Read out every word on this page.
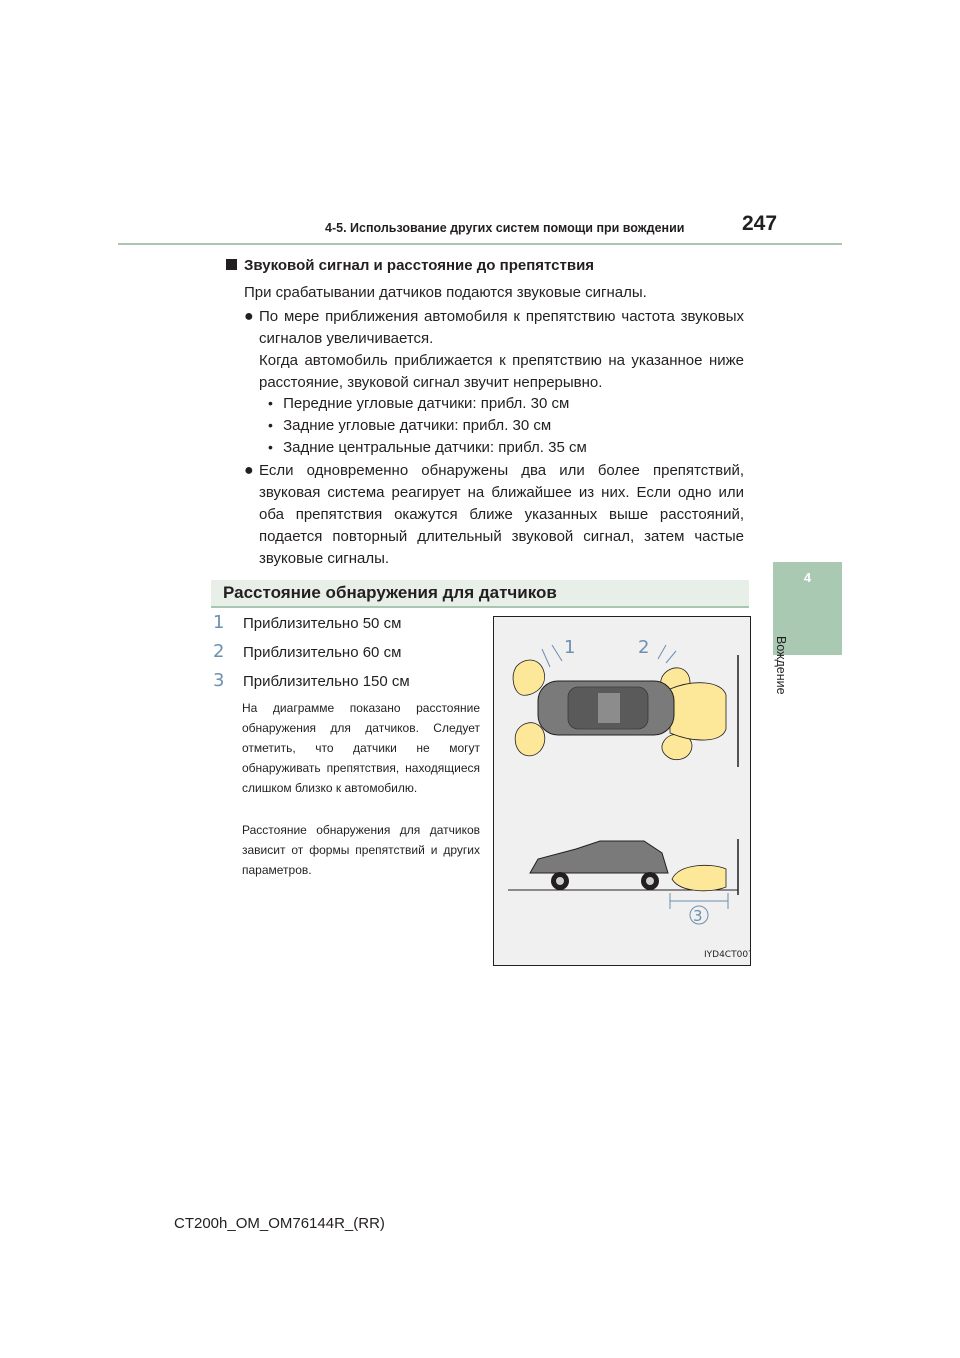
4-5. Использование других систем помощи при вождении	247
4
Вождение
Звуковой сигнал и расстояние до препятствия
При срабатывании датчиков подаются звуковые сигналы.
● По мере приближения автомобиля к препятствию частота звуковых сигналов увеличивается.
Когда автомобиль приближается к препятствию на указанное ниже расстояние, звуковой сигнал звучит непрерывно.
• Передние угловые датчики: прибл. 30 см
• Задние угловые датчики: прибл. 30 см
• Задние центральные датчики: прибл. 35 см
● Если одновременно обнаружены два или более препятствий, звуковая система реагирует на ближайшее из них. Если одно или оба препятствия окажутся ближе указанных выше расстояний, подается повторный длительный звуковой сигнал, затем частые звуковые сигналы.
Расстояние обнаружения для датчиков
1 Приблизительно 50 см
2 Приблизительно 60 см
3 Приблизительно 150 см
На диаграмме показано расстояние обнаружения для датчиков. Следует отметить, что датчики не могут обнаруживать препятствия, находящиеся слишком близко к автомобилю.
Расстояние обнаружения для датчиков зависит от формы препятствий и других параметров.
1	2
3
IYD4CT007
CT200h_OM_OM76144R_(RR)
